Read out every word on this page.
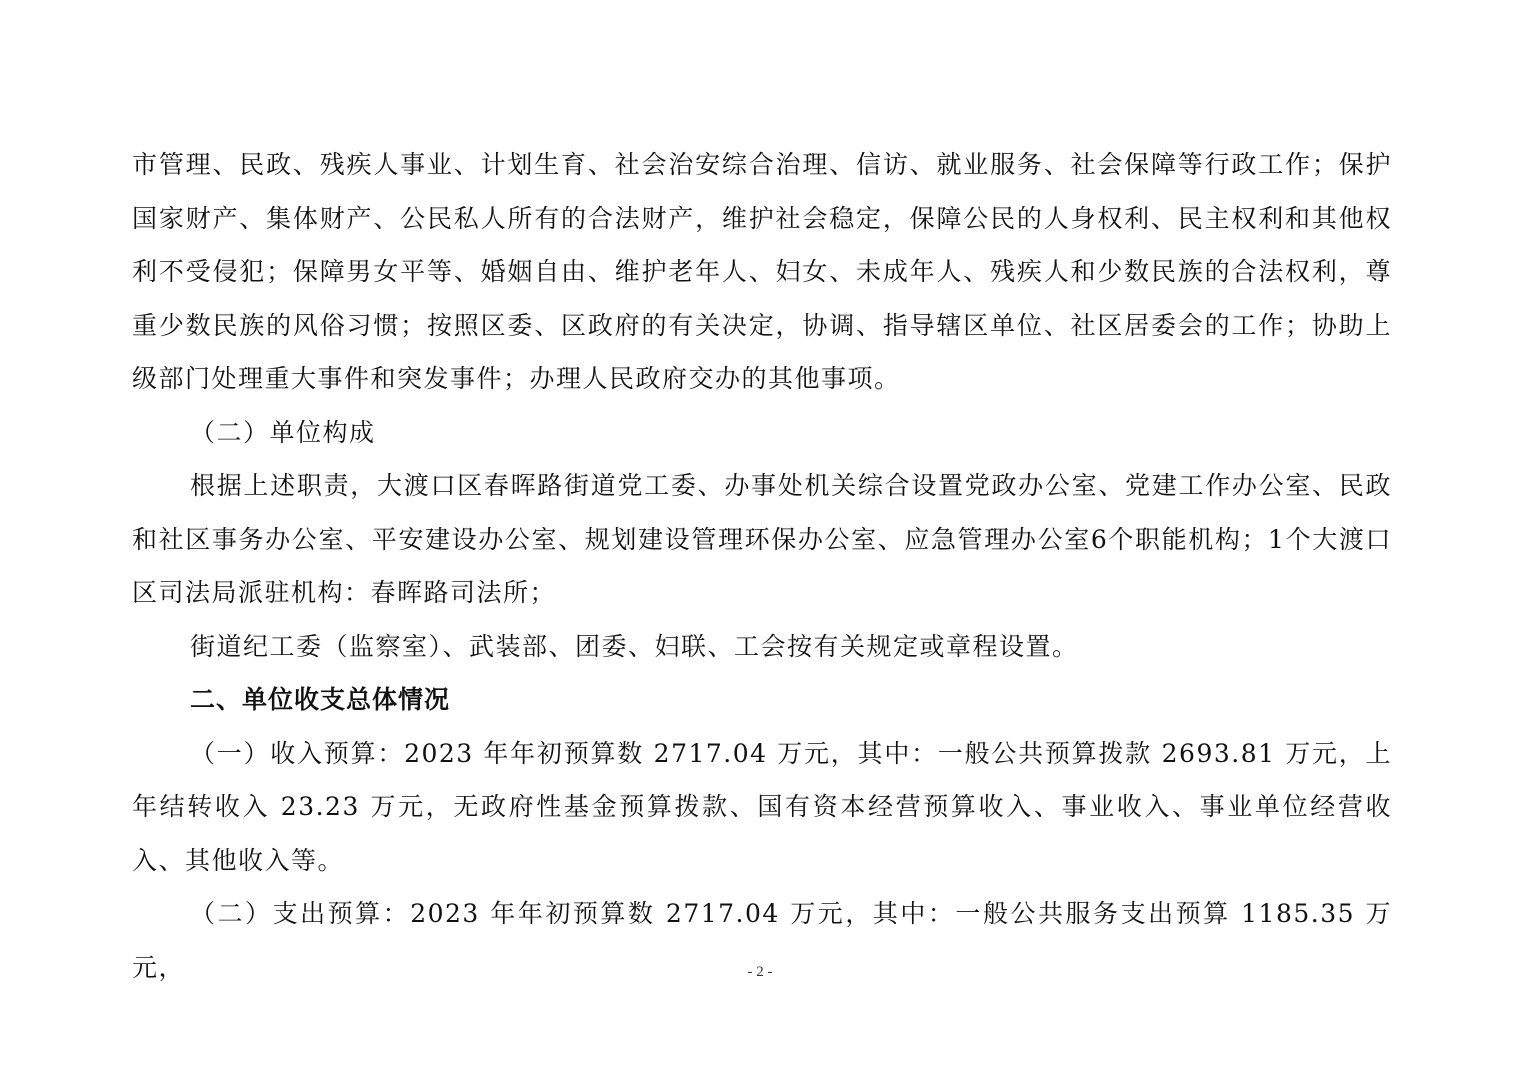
市管理、民政、残疾人事业、计划生育、社会治安综合治理、信访、就业服务、社会保障等行政工作；保护国家财产、集体财产、公民私人所有的合法财产，维护社会稳定，保障公民的人身权利、民主权利和其他权利不受侵犯；保障男女平等、婚姻自由、维护老年人、妇女、未成年人、残疾人和少数民族的合法权利，尊重少数民族的风俗习惯；按照区委、区政府的有关决定，协调、指导辖区单位、社区居委会的工作；协助上级部门处理重大事件和突发事件；办理人民政府交办的其他事项。

（二）单位构成

根据上述职责，大渡口区春晖路街道党工委、办事处机关综合设置党政办公室、党建工作办公室、民政和社区事务办公室、平安建设办公室、规划建设管理环保办公室、应急管理办公室6个职能机构；1个大渡口区司法局派驻机构：春晖路司法所；

街道纪工委（监察室）、武装部、团委、妇联、工会按有关规定或章程设置。

二、单位收支总体情况

（一）收入预算：2023 年年初预算数 2717.04 万元，其中：一般公共预算拨款 2693.81 万元，上年结转收入 23.23 万元，无政府性基金预算拨款、国有资本经营预算收入、事业收入、事业单位经营收入、其他收入等。

（二）支出预算：2023 年年初预算数 2717.04 万元，其中：一般公共服务支出预算 1185.35 万元，	- 2 -
